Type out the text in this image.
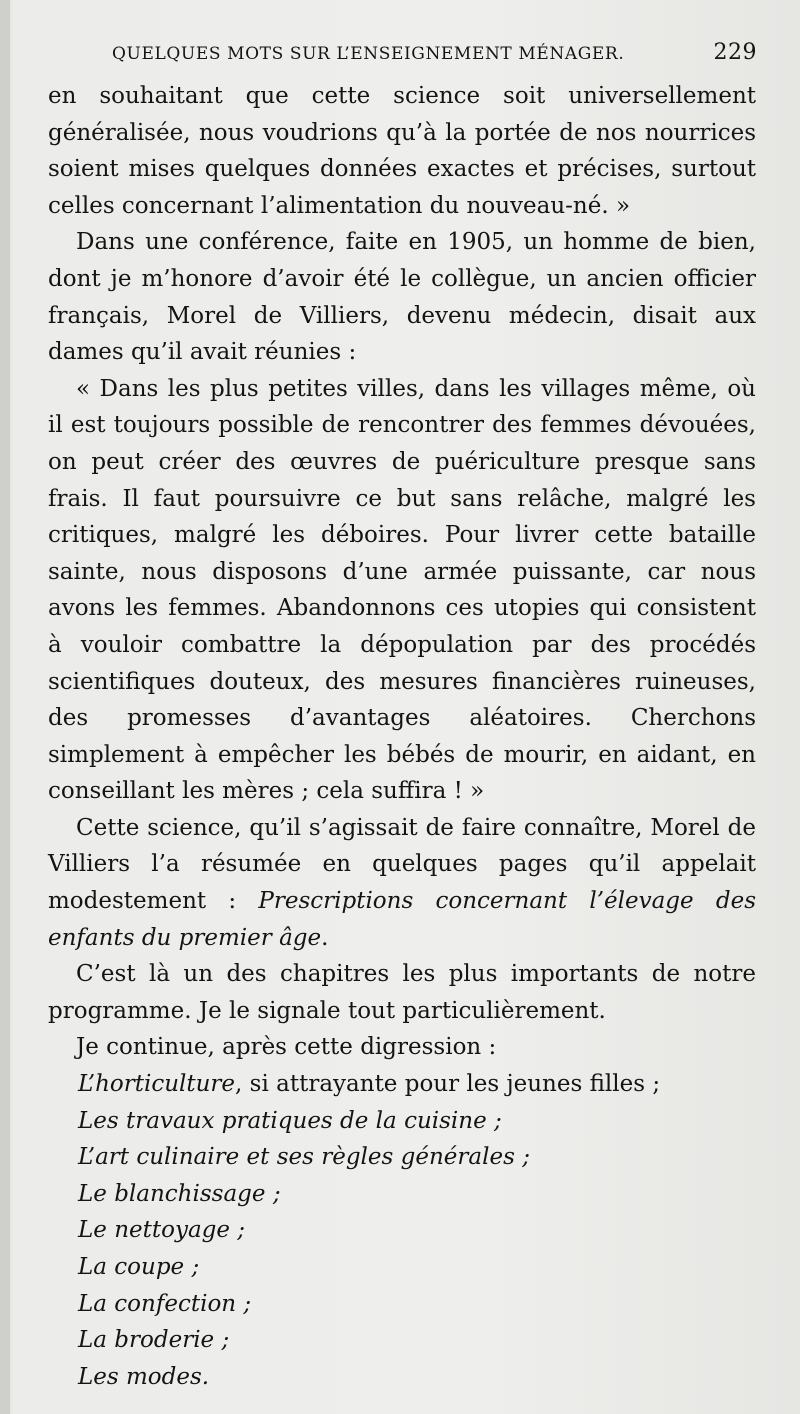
QUELQUES MOTS SUR L’ENSEIGNEMENT MÉNAGER.	229

en souhaitant que cette science soit universellement généralisée, nous voudrions qu’à la portée de nos nourrices soient mises quelques données exactes et précises, surtout celles concernant l’alimentation du nouveau-né. »

Dans une conférence, faite en 1905, un homme de bien, dont je m’honore d’avoir été le collègue, un ancien officier français, Morel de Villiers, devenu médecin, disait aux dames qu’il avait réunies :

« Dans les plus petites villes, dans les villages même, où il est toujours possible de rencontrer des femmes dévouées, on peut créer des œuvres de puériculture presque sans frais. Il faut poursuivre ce but sans relâche, malgré les critiques, malgré les déboires. Pour livrer cette bataille sainte, nous disposons d’une armée puissante, car nous avons les femmes. Abandonnons ces utopies qui consistent à vouloir combattre la dépopulation par des procédés scientifiques douteux, des mesures financières ruineuses, des promesses d’avantages aléatoires. Cherchons simplement à empêcher les bébés de mourir, en aidant, en conseillant les mères ; cela suffira ! »

Cette science, qu’il s’agissait de faire connaître, Morel de Villiers l’a résumée en quelques pages qu’il appelait modestement : Prescriptions concernant l’élevage des enfants du premier âge.

C’est là un des chapitres les plus importants de notre programme. Je le signale tout particulièrement.

Je continue, après cette digression :

L’horticulture, si attrayante pour les jeunes filles ;

Les travaux pratiques de la cuisine ;

L’art culinaire et ses règles générales ;

Le blanchissage ;

Le nettoyage ;

La coupe ;

La confection ;

La broderie ;

Les modes.
